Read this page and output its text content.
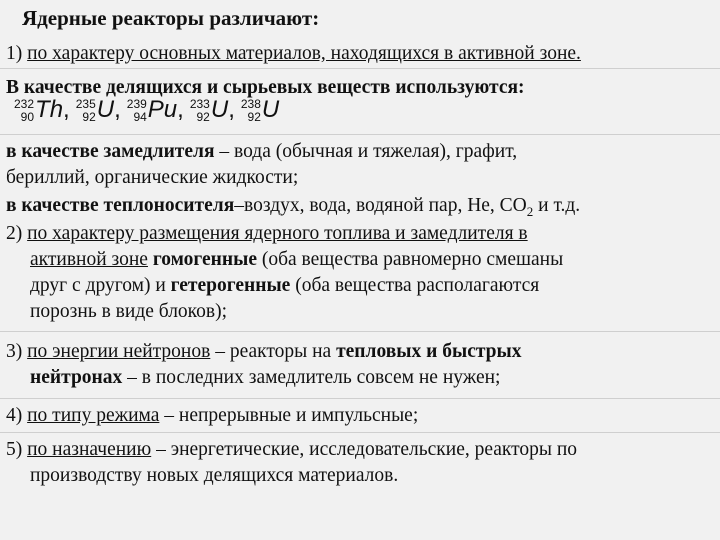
Ядерные реакторы различают:
1) по характеру основных материалов, находящихся в активной зоне.
В качестве делящихся и сырьевых веществ используются:
232
90 Th, 235
92 U, 239
94 Pu, 233
92 U, 238
92 U
в качестве замедлителя – вода (обычная и тяжелая), графит,
бериллий, органические жидкости;
в качестве теплоносителя–воздух, вода, водяной пар, He, $CO_2$ и т.д.
2) по характеру размещения ядерного топлива и замедлителя в
активной зоне гомогенные (оба вещества равномерно смешаны
друг с другом) и гетерогенные (оба вещества располагаются
порознь в виде блоков);
3) по энергии нейтронов – реакторы на тепловых и быстрых
нейтронах – в последних замедлитель совсем не нужен;
4) по типу режима – непрерывные и импульсные;
5) по назначению – энергетические, исследовательские, реакторы по
производству новых делящихся материалов.
